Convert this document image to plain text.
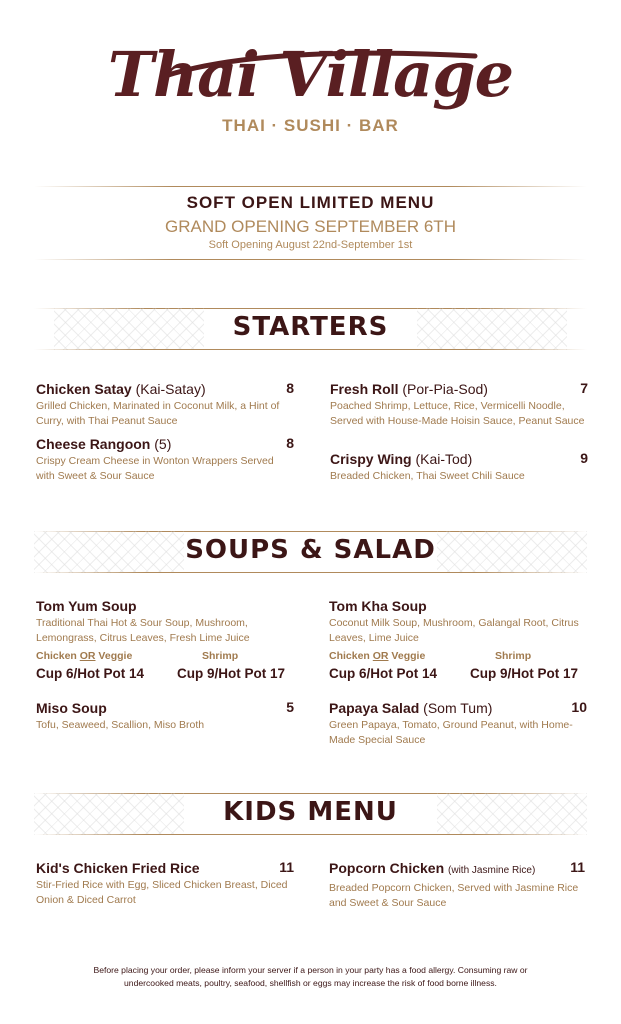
Thai Village
THAI · SUSHI · BAR
SOFT OPEN LIMITED MENU
GRAND OPENING SEPTEMBER 6TH
Soft Opening August 22nd-September 1st
STARTERS
Chicken Satay (Kai-Satay)	8
Grilled Chicken, Marinated in Coconut Milk, a Hint of Curry, with Thai Peanut Sauce
Cheese Rangoon (5)	8
Crispy Cream Cheese in Wonton Wrappers Served with Sweet & Sour Sauce
Fresh Roll (Por-Pia-Sod)	7
Poached Shrimp, Lettuce, Rice, Vermicelli Noodle, Served with House-Made Hoisin Sauce, Peanut Sauce
Crispy Wing (Kai-Tod)	9
Breaded Chicken, Thai Sweet Chili Sauce
SOUPS & SALAD
Tom Yum Soup
Traditional Thai Hot & Sour Soup, Mushroom, Lemongrass, Citrus Leaves, Fresh Lime Juice
Chicken OR Veggie	Shrimp
Cup 6/Hot Pot 14 Cup 9/Hot Pot 17
Tom Kha Soup
Coconut Milk Soup, Mushroom, Galangal Root, Citrus Leaves, Lime Juice
Chicken OR Veggie	Shrimp
Cup 6/Hot Pot 14 Cup 9/Hot Pot 17
Miso Soup	5
Tofu, Seaweed, Scallion, Miso Broth
Papaya Salad (Som Tum)	10
Green Papaya, Tomato, Ground Peanut, with Home-Made Special Sauce
KIDS MENU
Kid's Chicken Fried Rice	11
Stir-Fried Rice with Egg, Sliced Chicken Breast, Diced Onion & Diced Carrot
Popcorn Chicken (with Jasmine Rice)	11
Breaded Popcorn Chicken, Served with Jasmine Rice and Sweet & Sour Sauce
Before placing your order, please inform your server if a person in your party has a food allergy. Consuming raw or undercooked meats, poultry, seafood, shellfish or eggs may increase the risk of food borne illness.
